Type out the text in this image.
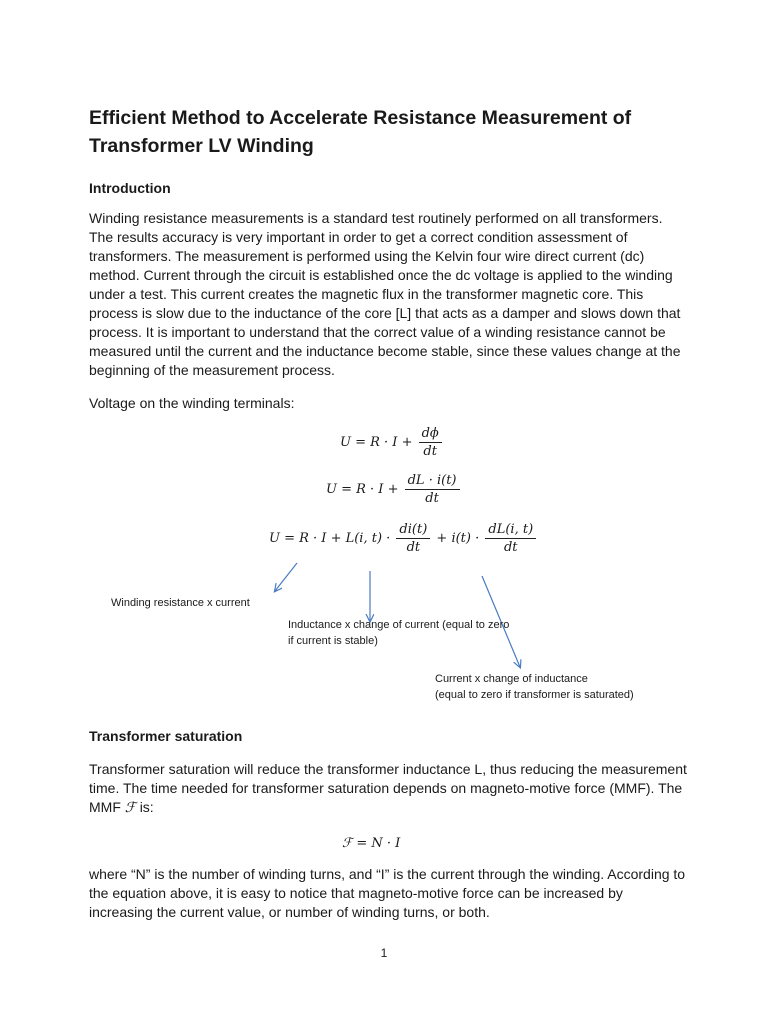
Efficient Method to Accelerate Resistance Measurement of Transformer LV Winding
Introduction
Winding resistance measurements is a standard test routinely performed on all transformers. The results accuracy is very important in order to get a correct condition assessment of transformers. The measurement is performed using the Kelvin four wire direct current (dc) method. Current through the circuit is established once the dc voltage is applied to the winding under a test. This current creates the magnetic flux in the transformer magnetic core. This process is slow due to the inductance of the core [L] that acts as a damper and slows down that process. It is important to understand that the correct value of a winding resistance cannot be measured until the current and the inductance become stable, since these values change at the beginning of the measurement process.
Voltage on the winding terminals:
$U = R \cdot I + \frac{d\phi}{dt}$
$U = R \cdot I + \frac{dL \cdot i(t)}{dt}$
U = R · I + L(i, $t) \cdot \frac{di(t)}{dt} + i(t) \cdot \frac{dL(i, t)}{dt}$
Winding resistance x current
Inductance x change of current (equal to zero
if current is stable)
Current x change of inductance
(equal to zero if transformer is saturated)
Transformer saturation
Transformer saturation will reduce the transformer inductance L, thus reducing the measurement time. The time needed for transformer saturation depends on magneto-motive force (MMF). The MMF ℱ is:
ℱ = N · I
where “N” is the number of winding turns, and “I” is the current through the winding. According to the equation above, it is easy to notice that magneto-motive force can be increased by increasing the current value, or number of winding turns, or both.
1
